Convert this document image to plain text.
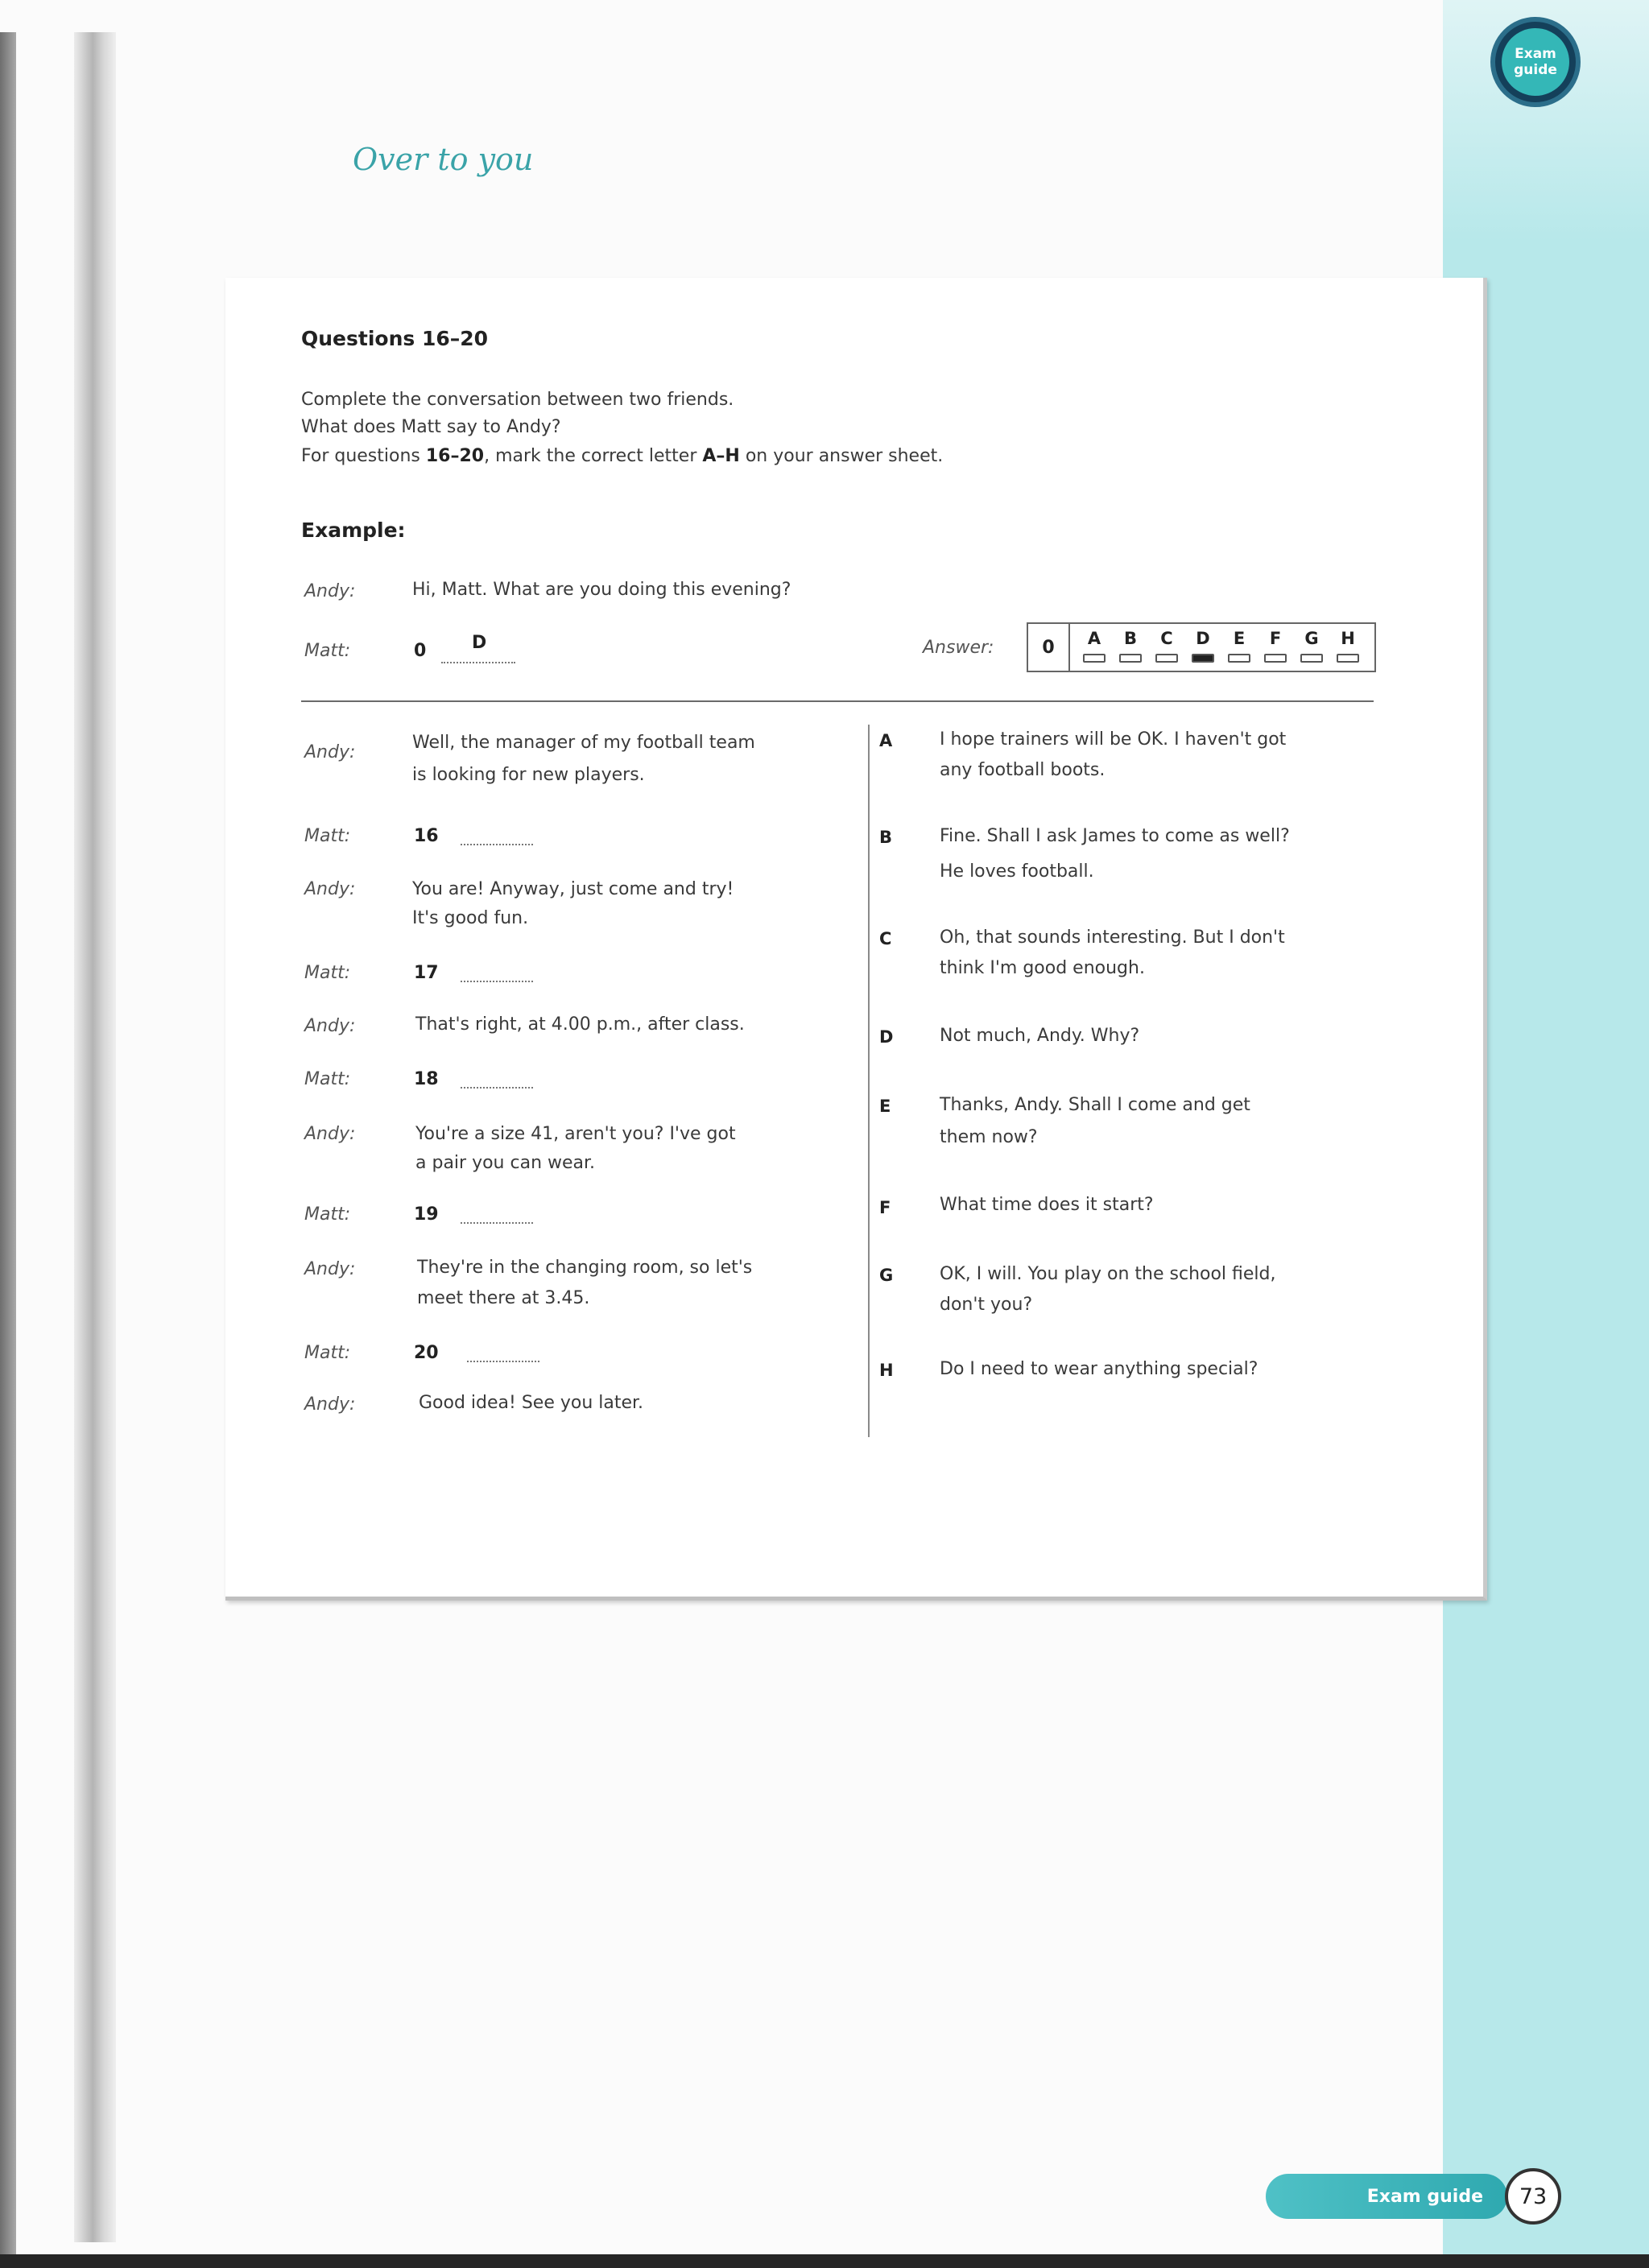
Exam
guide
Over to you
Questions 16–20
Complete the conversation between two friends.
What does Matt say to Andy?
For questions 16–20, mark the correct letter A–H on your answer sheet.
Example:
Andy:	Hi, Matt. What are you doing this evening?
Matt:	0	D	Answer:	0	A	B	C	D	E	F	G	H
Andy:	Well, the manager of my football team
is looking for new players.
Matt:	16
Andy:	You are! Anyway, just come and try!
It's good fun.
Matt:	17
Andy:	That's right, at 4.00 p.m., after class.
Matt:	18
Andy:	You're a size 41, aren't you? I've got
a pair you can wear.
Matt:	19
Andy:	They're in the changing room, so let's
meet there at 3.45.
Matt:	20
Andy:	Good idea! See you later.
A	I hope trainers will be OK. I haven't got
any football boots.
B	Fine. Shall I ask James to come as well?
He loves football.
C	Oh, that sounds interesting. But I don't
think I'm good enough.
D	Not much, Andy. Why?
E	Thanks, Andy. Shall I come and get
them now?
F	What time does it start?
G	OK, I will. You play on the school field,
don't you?
H	Do I need to wear anything special?
Exam guide	73
